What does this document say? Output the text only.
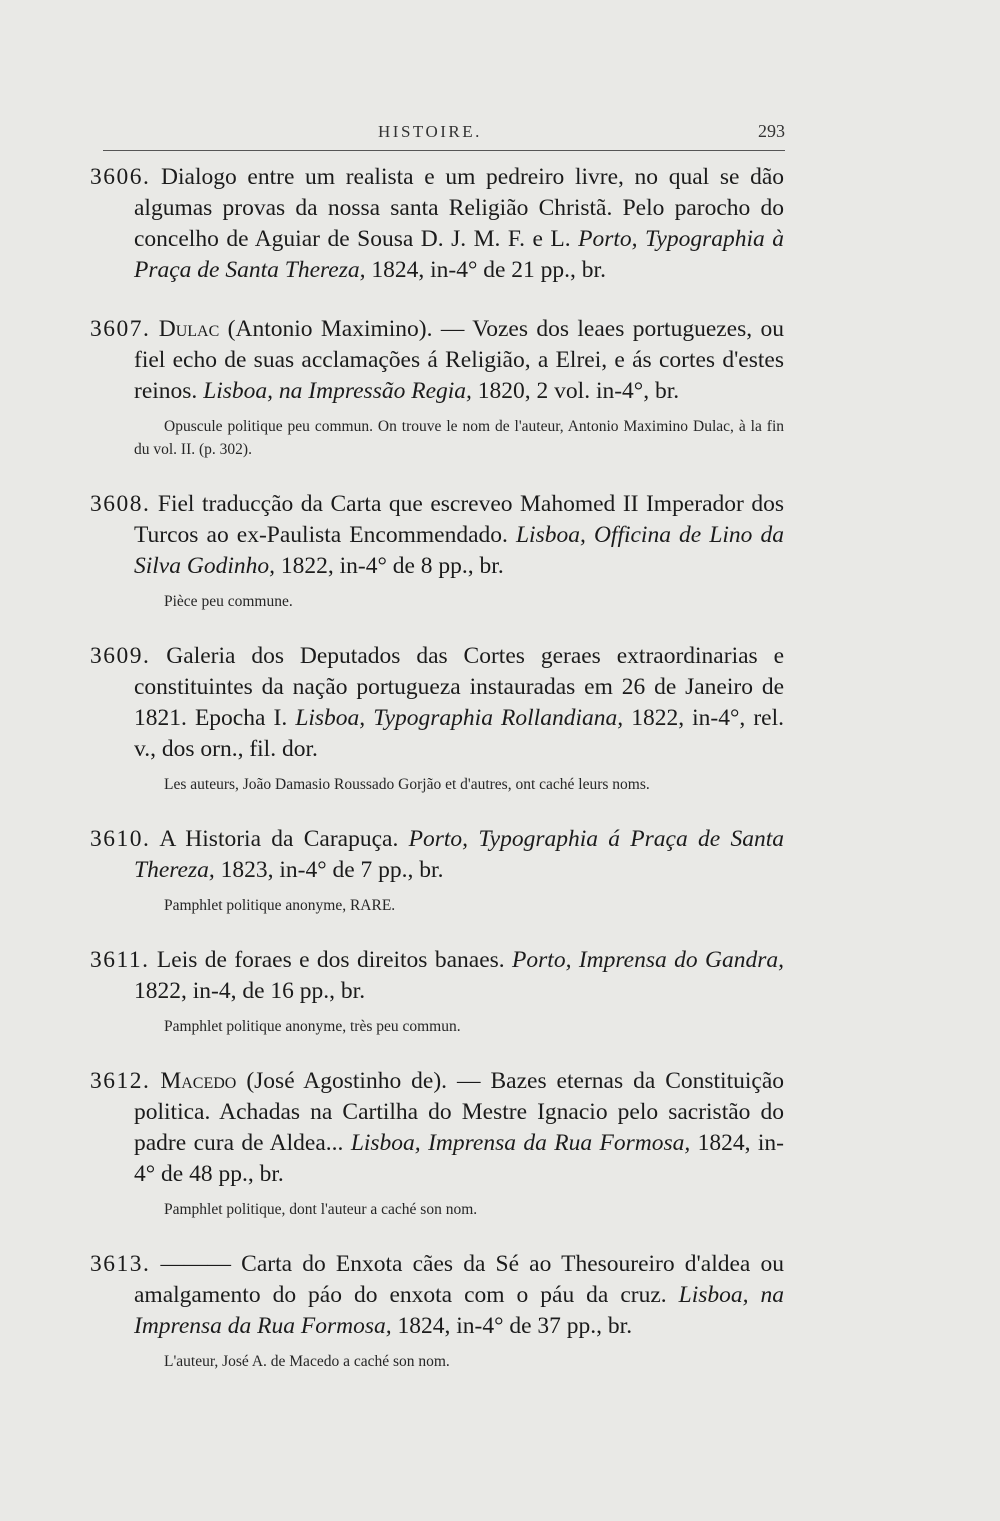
HISTOIRE.	293
3606. Dialogo entre um realista e um pedreiro livre, no qual se dão algumas provas da nossa santa Religião Christã. Pelo parocho do concelho de Aguiar de Sousa D. J. M. F. e L. Porto, Typographia à Praça de Santa Thereza, 1824, in-4° de 21 pp., br.
3607. Dulac (Antonio Maximino). — Vozes dos leaes portuguezes, ou fiel echo de suas acclamações á Religião, a Elrei, e ás cortes d'estes reinos. Lisboa, na Impressão Regia, 1820, 2 vol. in-4°, br.
Opuscule politique peu commun. On trouve le nom de l'auteur, Antonio Maximino Dulac, à la fin du vol. II. (p. 302).
3608. Fiel traducção da Carta que escreveo Mahomed II Imperador dos Turcos ao ex-Paulista Encommendado. Lisboa, Officina de Lino da Silva Godinho, 1822, in-4° de 8 pp., br.
Pièce peu commune.
3609. Galeria dos Deputados das Cortes geraes extraordinarias e constituintes da nação portugueza instauradas em 26 de Janeiro de 1821. Epocha I. Lisboa, Typographia Rollandiana, 1822, in-4°, rel. v., dos orn., fil. dor.
Les auteurs, João Damasio Roussado Gorjão et d'autres, ont caché leurs noms.
3610. A Historia da Carapuça. Porto, Typographia á Praça de Santa Thereza, 1823, in-4° de 7 pp., br.
Pamphlet politique anonyme, RARE.
3611. Leis de foraes e dos direitos banaes. Porto, Imprensa do Gandra, 1822, in-4, de 16 pp., br.
Pamphlet politique anonyme, très peu commun.
3612. Macedo (José Agostinho de). — Bazes eternas da Constituição politica. Achadas na Cartilha do Mestre Ignacio pelo sacristão do padre cura de Aldea... Lisboa, Imprensa da Rua Formosa, 1824, in-4° de 48 pp., br.
Pamphlet politique, dont l'auteur a caché son nom.
3613. ——— Carta do Enxota cães da Sé ao Thesoureiro d'aldea ou amalgamento do páo do enxota com o páu da cruz. Lisboa, na Imprensa da Rua Formosa, 1824, in-4° de 37 pp., br.
L'auteur, José A. de Macedo a caché son nom.
